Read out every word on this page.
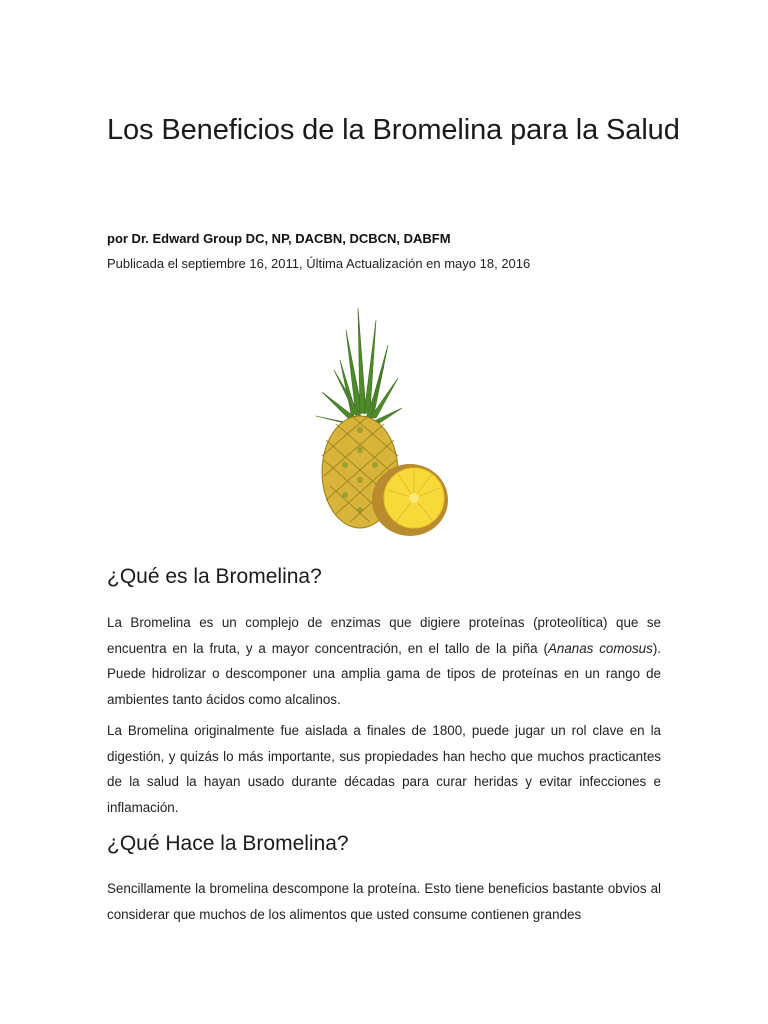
Los Beneficios de la Bromelina para la Salud
por Dr. Edward Group DC, NP, DACBN, DCBCN, DABFM
Publicada el septiembre 16, 2011, Última Actualización en mayo 18, 2016
¿Qué es la Bromelina?

La Bromelina es un complejo de enzimas que digiere proteínas (proteolítica) que se encuentra en la fruta, y a mayor concentración, en el tallo de la piña (Ananas comosus). Puede hidrolizar o descomponer una amplia gama de tipos de proteínas en un rango de ambientes tanto ácidos como alcalinos.

La Bromelina originalmente fue aislada a finales de 1800, puede jugar un rol clave en la digestión, y quizás lo más importante, sus propiedades han hecho que muchos practicantes de la salud la hayan usado durante décadas para curar heridas y evitar infecciones e inflamación.

¿Qué Hace la Bromelina?

Sencillamente la bromelina descompone la proteína. Esto tiene beneficios bastante obvios al considerar que muchos de los alimentos que usted consume contienen grandes
